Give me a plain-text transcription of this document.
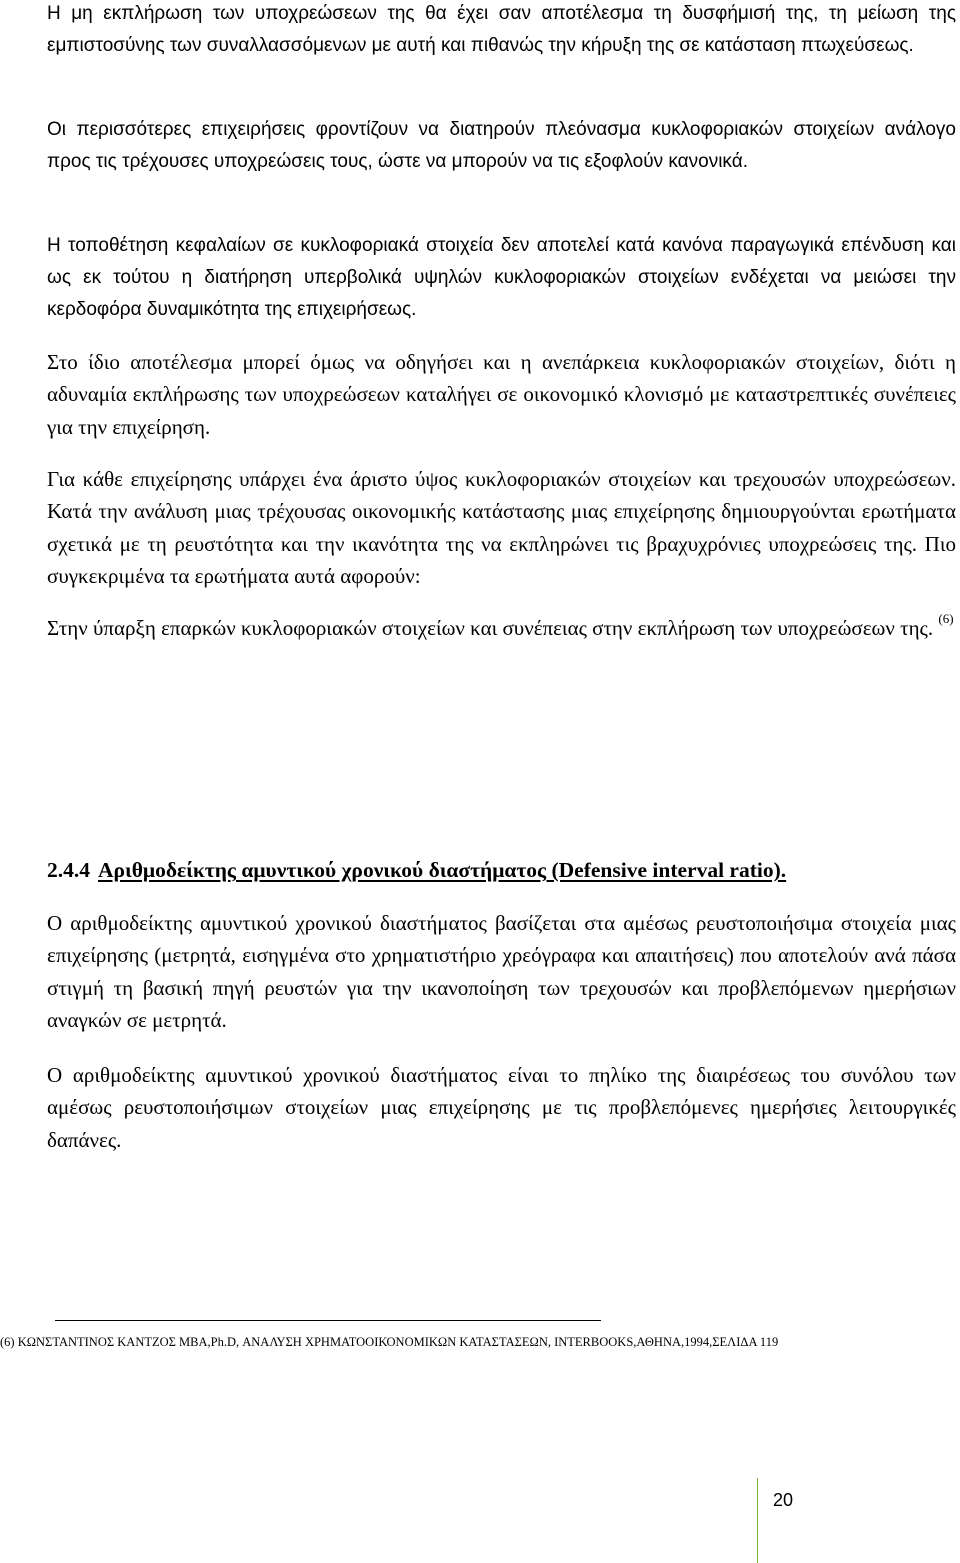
Η μη εκπλήρωση των υποχρεώσεων της θα έχει σαν αποτέλεσμα τη δυσφήμισή της, τη μείωση της εμπιστοσύνης των συναλλασσόμενων με αυτή και πιθανώς την κήρυξη της σε κατάσταση πτωχεύσεως.

Οι περισσότερες επιχειρήσεις φροντίζουν να διατηρούν πλεόνασμα κυκλοφοριακών στοιχείων ανάλογο προς τις τρέχουσες υποχρεώσεις τους, ώστε να μπορούν να τις εξοφλούν κανονικά.

Η τοποθέτηση κεφαλαίων σε κυκλοφοριακά στοιχεία δεν αποτελεί κατά κανόνα παραγωγικά επένδυση και ως εκ τούτου η διατήρηση υπερβολικά υψηλών κυκλοφοριακών στοιχείων ενδέχεται να μειώσει την κερδοφόρα δυναμικότητα της επιχειρήσεως.

Στο ίδιο αποτέλεσμα μπορεί όμως να οδηγήσει και η ανεπάρκεια κυκλοφοριακών στοιχείων, διότι η αδυναμία εκπλήρωσης των υποχρεώσεων καταλήγει σε οικονομικό κλονισμό με καταστρεπτικές συνέπειες για την επιχείρηση.

Για κάθε επιχείρησης υπάρχει ένα άριστο ύψος κυκλοφοριακών στοιχείων και τρεχουσών υποχρεώσεων. Κατά την ανάλυση μιας τρέχουσας οικονομικής κατάστασης μιας επιχείρησης δημιουργούνται ερωτήματα σχετικά με τη ρευστότητα και την ικανότητα της να εκπληρώνει τις βραχυχρόνιες υποχρεώσεις της. Πιο συγκεκριμένα τα ερωτήματα αυτά αφορούν:

Στην ύπαρξη επαρκών κυκλοφοριακών στοιχείων και συνέπειας στην εκπλήρωση των υποχρεώσεων της. $^{(6)}$

2.4.4 Αριθμοδείκτης αμυντικού χρονικού διαστήματος (Defensive interval ratio).

Ο αριθμοδείκτης αμυντικού χρονικού διαστήματος βασίζεται στα αμέσως ρευστοποιήσιμα στοιχεία μιας επιχείρησης (μετρητά, εισηγμένα στο χρηματιστήριο χρεόγραφα και απαιτήσεις) που αποτελούν ανά πάσα στιγμή τη βασική πηγή ρευστών για την ικανοποίηση των τρεχουσών και προβλεπόμενων ημερήσιων αναγκών σε μετρητά.

Ο αριθμοδείκτης αμυντικού χρονικού διαστήματος είναι το πηλίκο της διαιρέσεως του συνόλου των αμέσως ρευστοποιήσιμων στοιχείων μιας επιχείρησης με τις προβλεπόμενες ημερήσιες λειτουργικές δαπάνες.

(6) ΚΩΝΣΤΑΝΤΙΝΟΣ ΚΑΝΤΖΟΣ MBA,Ph.D, ΑΝΑΛΥΣΗ ΧΡΗΜΑΤΟΟΙΚΟΝΟΜΙΚΩΝ ΚΑΤΑΣΤΑΣΕΩΝ, INTERBOOKS,ΑΘΗΝΑ,1994,ΣΕΛΙΔΑ 119

20
